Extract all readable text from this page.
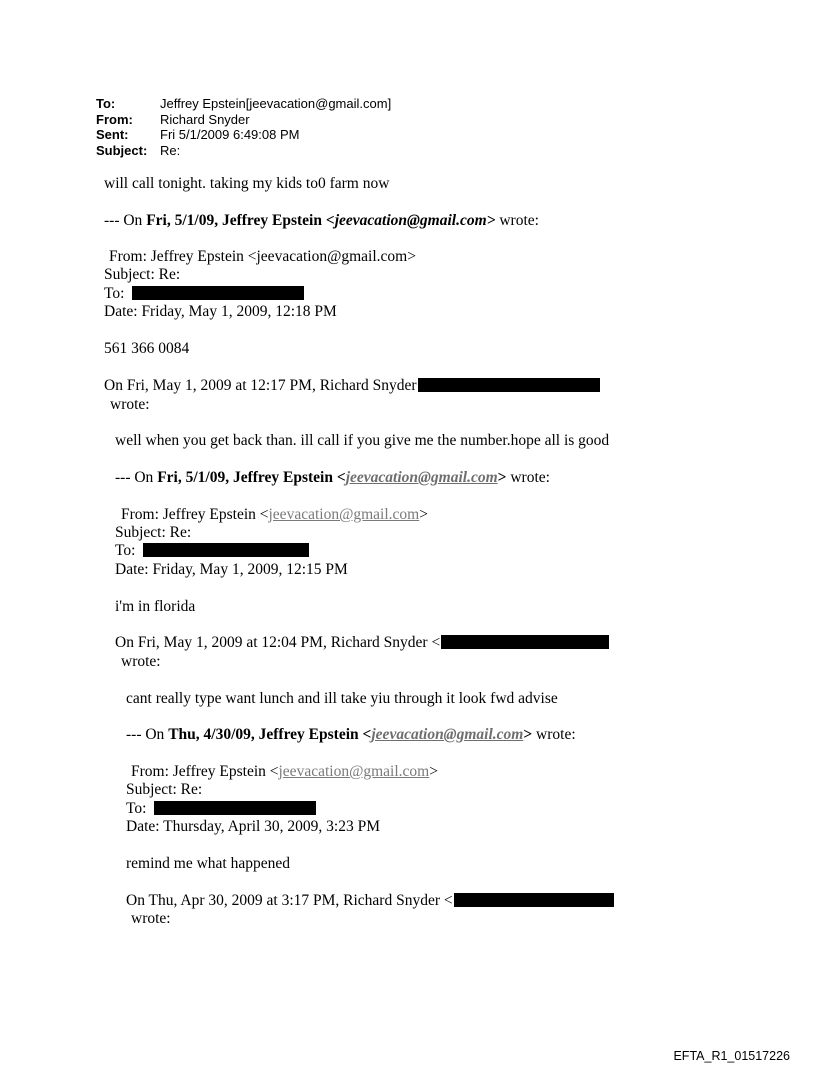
To:	Jeffrey Epstein[jeevacation@gmail.com]
From:	Richard Snyder
Sent:	Fri 5/1/2009 6:49:08 PM
Subject: Re:
will call tonight. taking my kids to0 farm now
--- On Fri, 5/1/09, Jeffrey Epstein <jeevacation@gmail.com> wrote:
From: Jeffrey Epstein <jeevacation@gmail.com>
Subject: Re:
To:
Date: Friday, May 1, 2009, 12:18 PM
561 366 0084
On Fri, May 1, 2009 at 12:17 PM, Richard Snyder
wrote:
well when you get back than. ill call if you give me the number.hope all is good
--- On Fri, 5/1/09, Jeffrey Epstein <jeevacation@gmail.com> wrote:
From: Jeffrey Epstein <jeevacation@gmail.com>
Subject: Re:
To:
Date: Friday, May 1, 2009, 12:15 PM
i'm in florida
On Fri, May 1, 2009 at 12:04 PM, Richard Snyder <
wrote:
cant really type want lunch and ill take yiu through it look fwd advise
--- On Thu, 4/30/09, Jeffrey Epstein <jeevacation@gmail.com> wrote:
From: Jeffrey Epstein <jeevacation@gmail.com>
Subject: Re:
To:
Date: Thursday, April 30, 2009, 3:23 PM
remind me what happened
On Thu, Apr 30, 2009 at 3:17 PM, Richard Snyder <
wrote:
EFTA_R1_01517226
